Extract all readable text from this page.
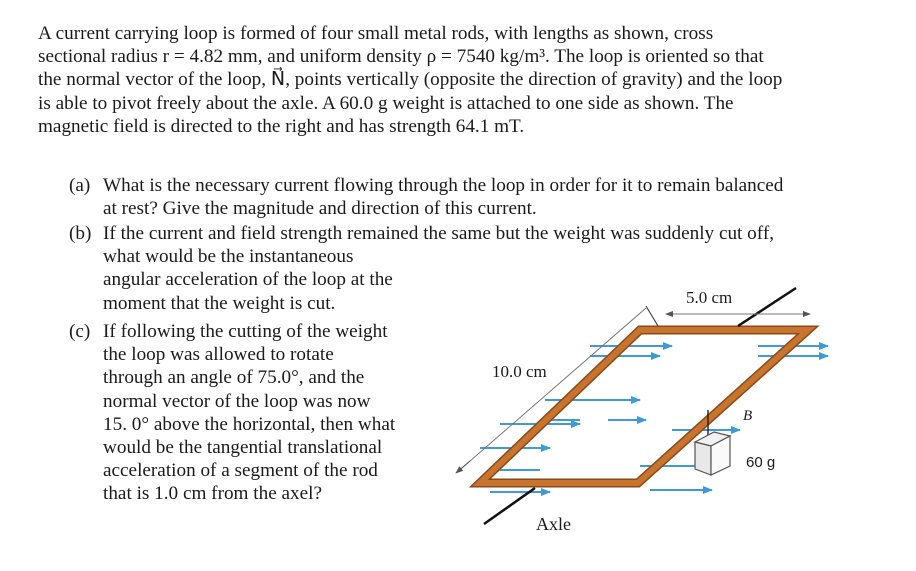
A current carrying loop is formed of four small metal rods, with lengths as shown, cross

sectional radius r = 4.82 mm, and uniform density ρ = 7540 kg/m³. The loop is oriented so that

the normal vector of the loop, N⃗, points vertically (opposite the direction of gravity) and the loop

is able to pivot freely about the axle. A 60.0 g weight is attached to one side as shown. The

magnetic field is directed to the right and has strength 64.1 mT.

(a) What is the necessary current flowing through the loop in order for it to remain balanced
at rest? Give the magnitude and direction of this current.
(b) If the current and field strength remained the same but the weight was suddenly cut off,
what would be the instantaneous
angular acceleration of the loop at the
moment that the weight is cut.
(c) If following the cutting of the weight
the loop was allowed to rotate
through an angle of 75.0°, and the
normal vector of the loop was now
15. 0° above the horizontal, then what
would be the tangential translational
acceleration of a segment of the rod
that is 1.0 cm from the axel?
5.0 cm
10.0 cm
B⃗
60 g
Axle
